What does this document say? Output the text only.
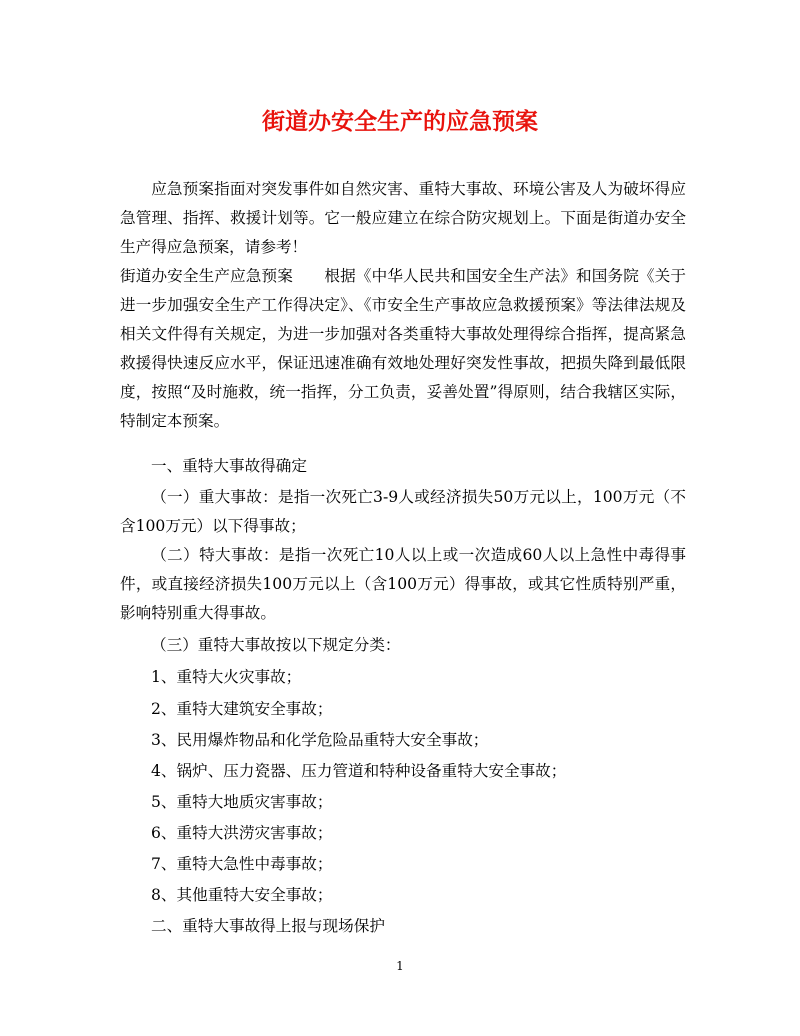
街道办安全生产的应急预案
应急预案指面对突发事件如自然灾害、重特大事故、环境公害及人为破坏得应急管理、指挥、救援计划等。它一般应建立在综合防灾规划上。下面是街道办安全生产得应急预案，请参考！
街道办安全生产应急预案　　根据《中华人民共和国安全生产法》和国务院《关于进一步加强安全生产工作得决定》、《市安全生产事故应急救援预案》等法律法规及相关文件得有关规定，为进一步加强对各类重特大事故处理得综合指挥，提高紧急救援得快速反应水平，保证迅速准确有效地处理好突发性事故，把损失降到最低限度，按照“及时施救，统一指挥，分工负责，妥善处置”得原则，结合我辖区实际，特制定本预案。
一、重特大事故得确定
（一）重大事故：是指一次死亡3-9人或经济损失50万元以上，100万元（不含100万元）以下得事故；
（二）特大事故：是指一次死亡10人以上或一次造成60人以上急性中毒得事件，或直接经济损失100万元以上（含100万元）得事故，或其它性质特别严重，影响特别重大得事故。
（三）重特大事故按以下规定分类：
1、重特大火灾事故；
2、重特大建筑安全事故；
3、民用爆炸物品和化学危险品重特大安全事故；
4、锅炉、压力瓷器、压力管道和特种设备重特大安全事故；
5、重特大地质灾害事故；
6、重特大洪涝灾害事故；
7、重特大急性中毒事故；
8、其他重特大安全事故；
二、重特大事故得上报与现场保护
1
